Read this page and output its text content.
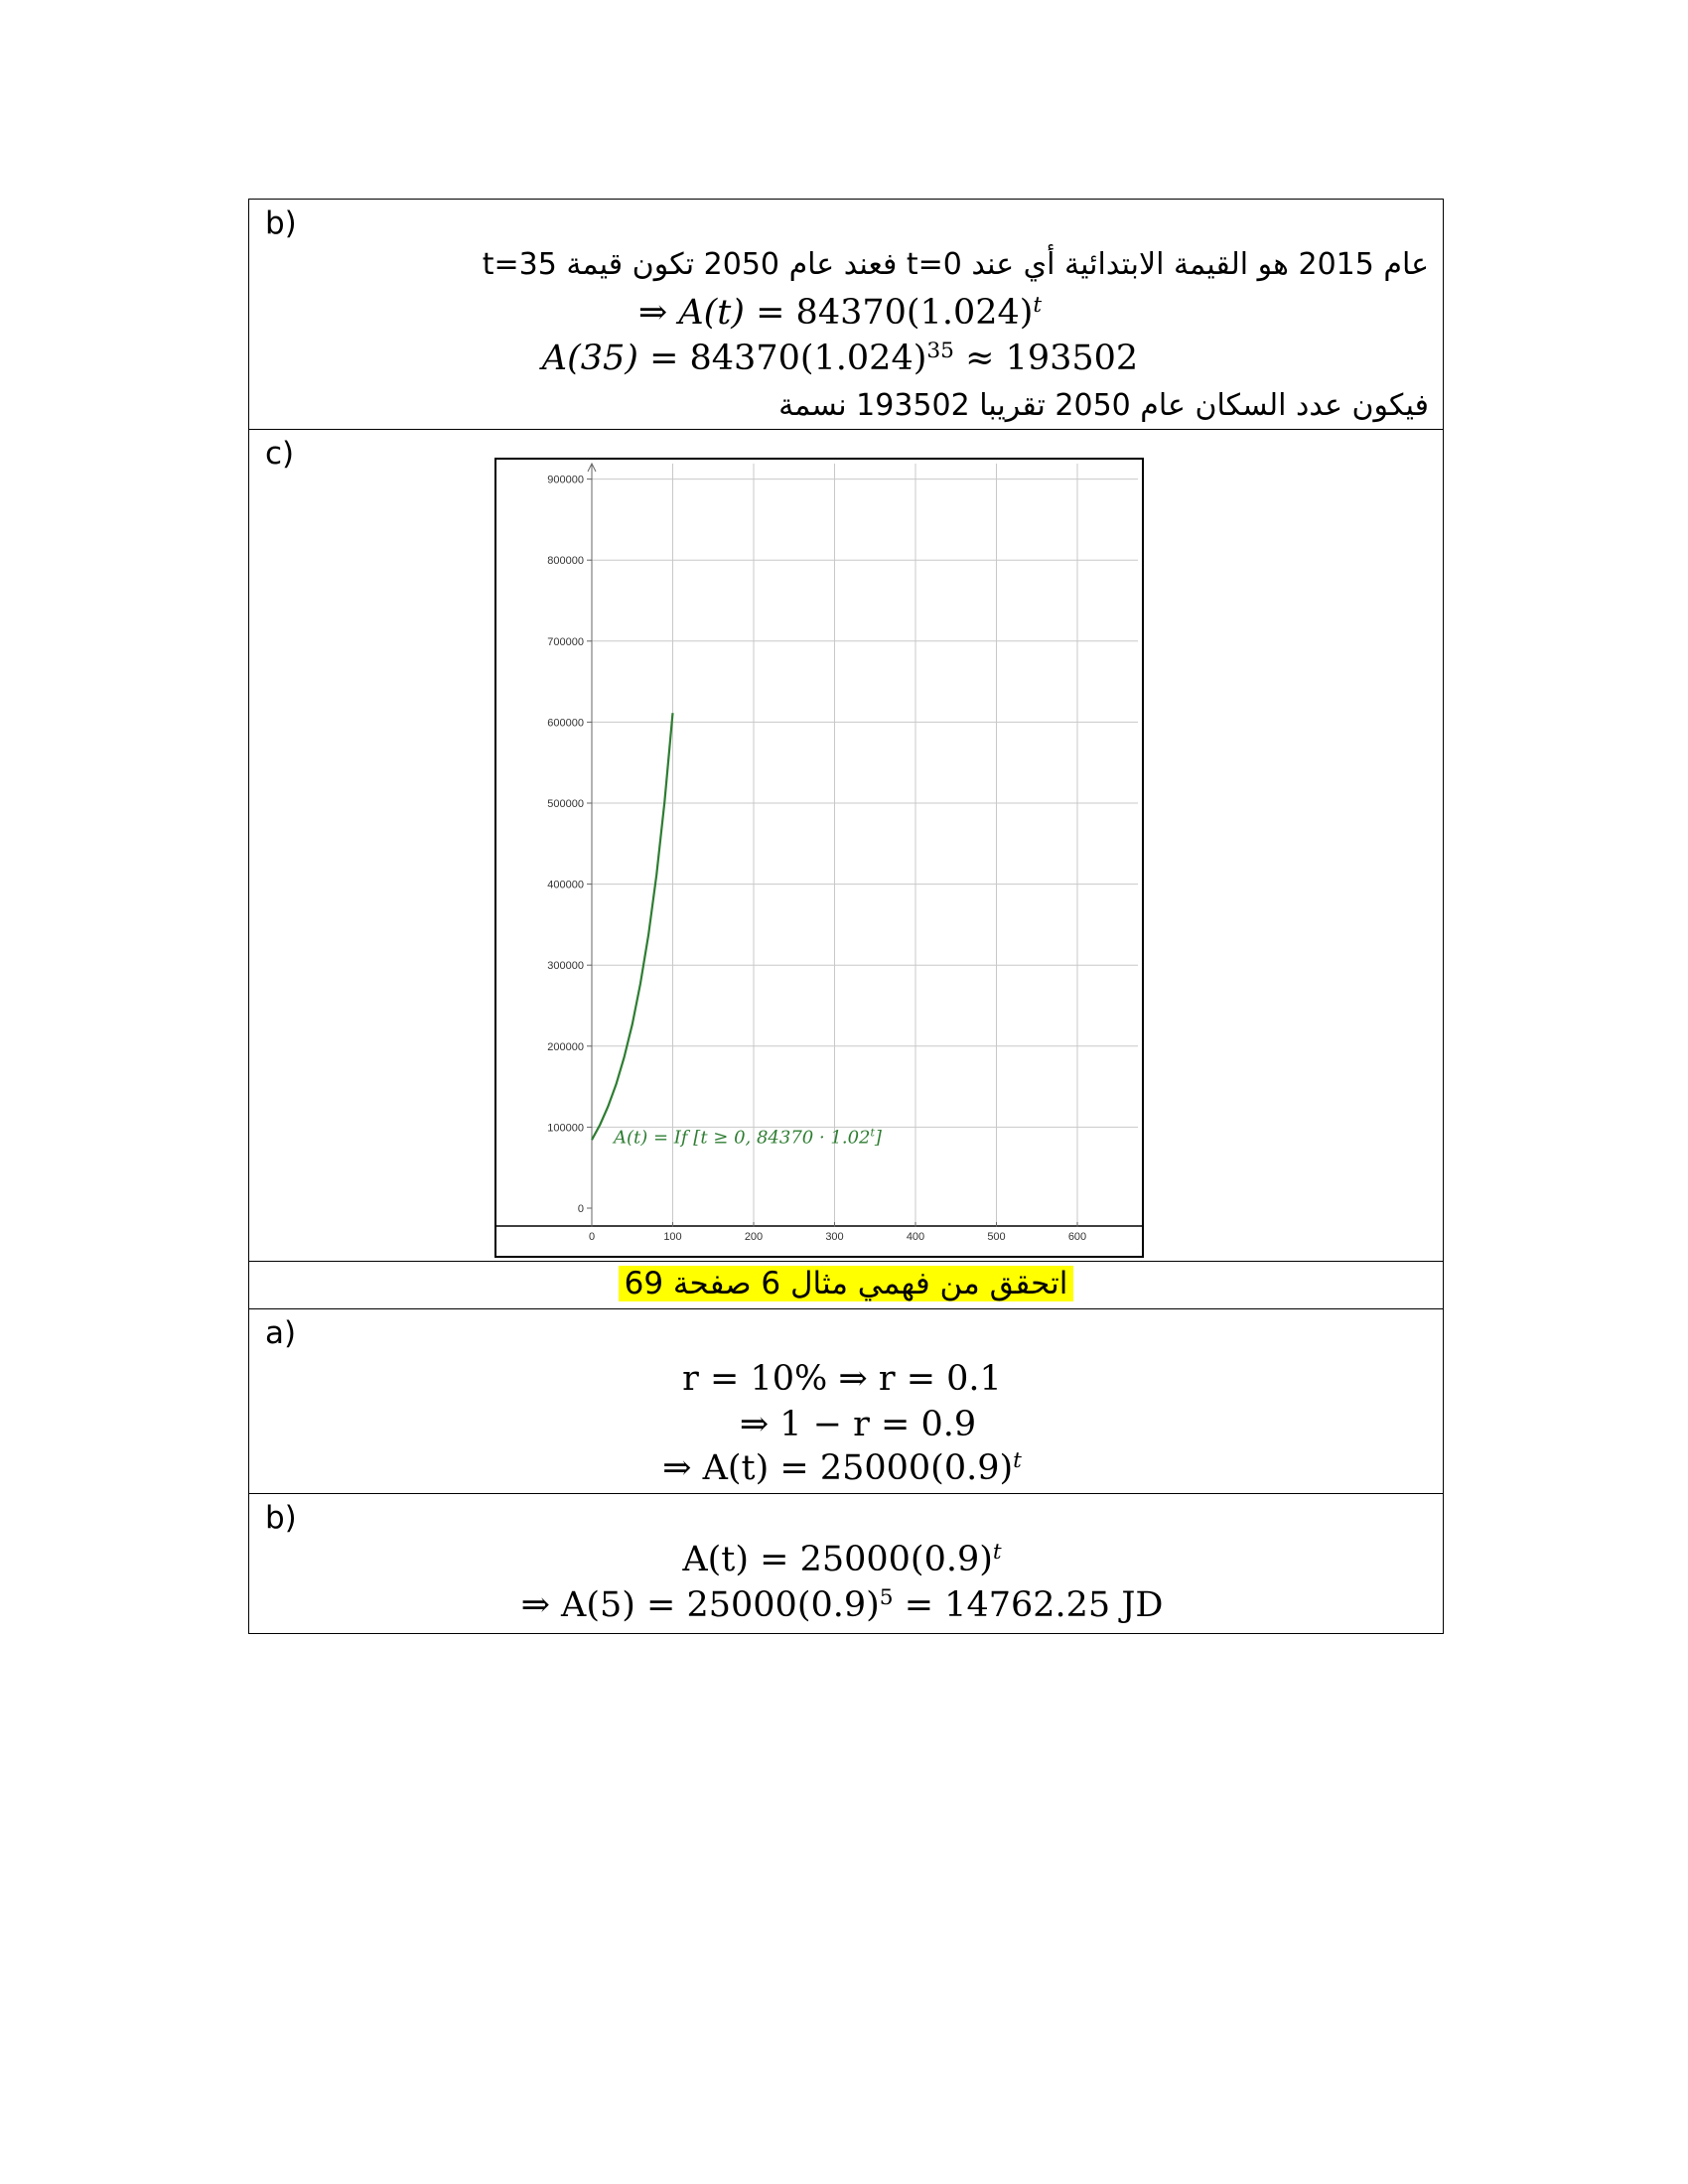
b)
عام 2015 هو القيمة الابتدائية أي عند t=0 فعند عام 2050 تكون قيمة t=35
⇒ $A(t) = 84370(1.024)^t$
$A(35) = 84370(1.024)^{35} \approx 193502$
فيكون عدد السكان عام 2050 تقريبا 193502 نسمة
c)
0
100000
200000
300000
400000
500000
600000
700000
800000
900000
0	100	200	300	400	500	600
A(t) = If [t ≥ 0, $84370 \cdot 1.02^t$]
اتحقق من فهمي مثال 6 صفحة 69
a)
r = 10% ⇒ r = 0.1
⇒ 1 − r = 0.9
⇒ $A(t) = 25000(0.9)^t$
b)
$A(t) = 25000(0.9)^t$
⇒ $A(5) = 25000(0.9)^5 = 14762.25$ JD
